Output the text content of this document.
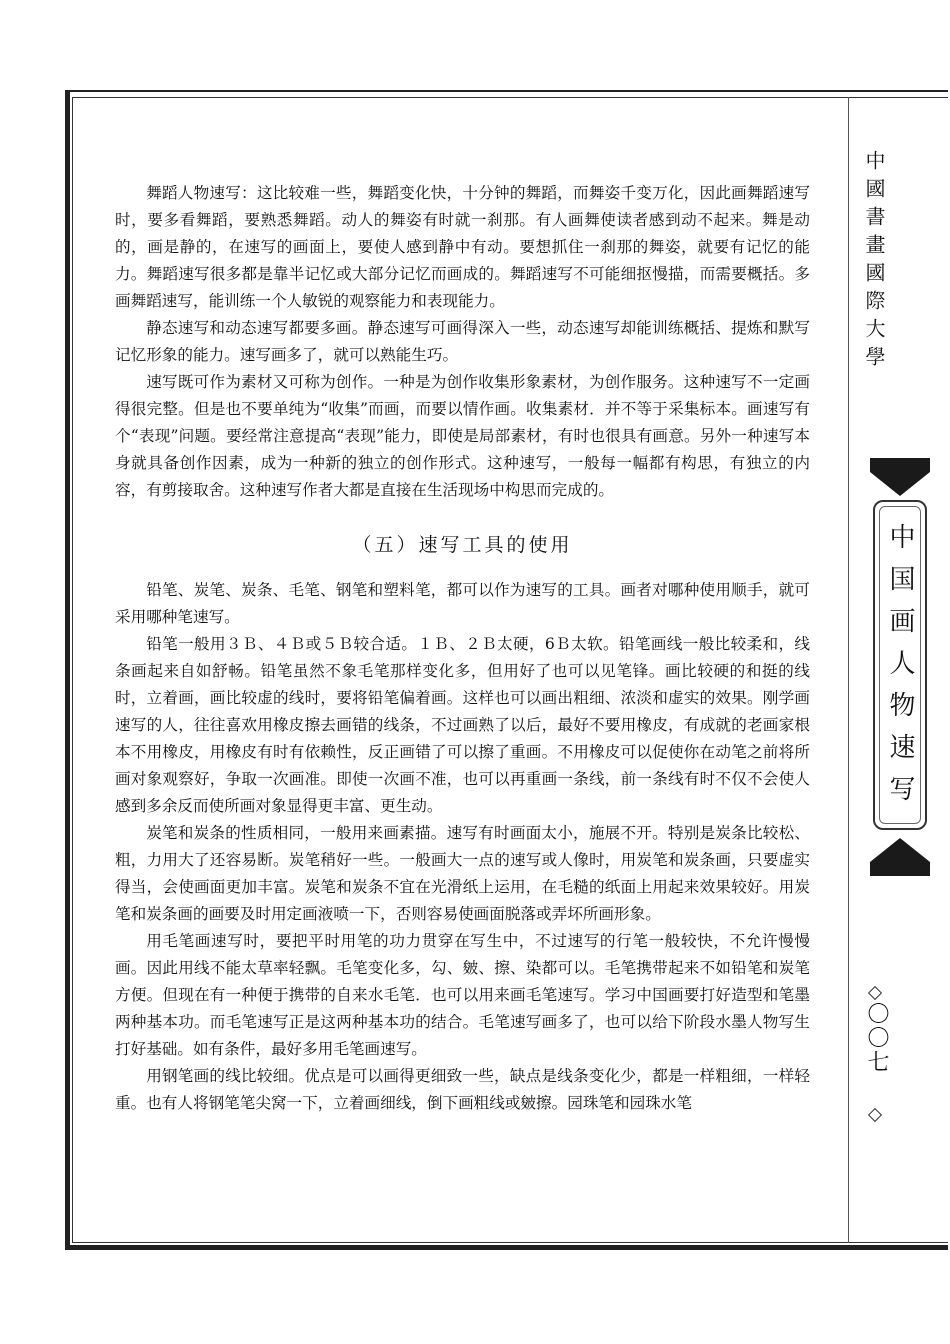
舞蹈人物速写：这比较难一些，舞蹈变化快，十分钟的舞蹈，而舞姿千变万化，因此画舞蹈速写时，要多看舞蹈，要熟悉舞蹈。动人的舞姿有时就一刹那。有人画舞使读者感到动不起来。舞是动的，画是静的，在速写的画面上，要使人感到静中有动。要想抓住一刹那的舞姿，就要有记忆的能力。舞蹈速写很多都是靠半记忆或大部分记忆而画成的。舞蹈速写不可能细抠慢描，而需要概括。多画舞蹈速写，能训练一个人敏锐的观察能力和表现能力。

静态速写和动态速写都要多画。静态速写可画得深入一些，动态速写却能训练概括、提炼和默写记忆形象的能力。速写画多了，就可以熟能生巧。

速写既可作为素材又可称为创作。一种是为创作收集形象素材，为创作服务。这种速写不一定画得很完整。但是也不要单纯为“收集”而画，而要以情作画。收集素材．并不等于采集标本。画速写有个“表现”问题。要经常注意提高“表现”能力，即使是局部素材，有时也很具有画意。另外一种速写本身就具备创作因素，成为一种新的独立的创作形式。这种速写，一般每一幅都有构思，有独立的内容，有剪接取舍。这种速写作者大都是直接在生活现场中构思而完成的。

（五）速写工具的使用

铅笔、炭笔、炭条、毛笔、钢笔和塑料笔，都可以作为速写的工具。画者对哪种使用顺手，就可采用哪种笔速写。

铅笔一般用３Ｂ、４Ｂ或５Ｂ较合适。１Ｂ、２Ｂ太硬，6Ｂ太软。铅笔画线一般比较柔和，线条画起来自如舒畅。铅笔虽然不象毛笔那样变化多，但用好了也可以见笔锋。画比较硬的和挺的线时，立着画，画比较虚的线时，要将铅笔偏着画。这样也可以画出粗细、浓淡和虚实的效果。刚学画速写的人，往往喜欢用橡皮擦去画错的线条，不过画熟了以后，最好不要用橡皮，有成就的老画家根本不用橡皮，用橡皮有时有依赖性，反正画错了可以擦了重画。不用橡皮可以促使你在动笔之前将所画对象观察好，争取一次画准。即使一次画不准，也可以再重画一条线，前一条线有时不仅不会使人感到多余反而使所画对象显得更丰富、更生动。

炭笔和炭条的性质相同，一般用来画素描。速写有时画面太小，施展不开。特别是炭条比较松、粗，力用大了还容易断。炭笔稍好一些。一般画大一点的速写或人像时，用炭笔和炭条画，只要虚实得当，会使画面更加丰富。炭笔和炭条不宜在光滑纸上运用，在毛糙的纸面上用起来效果较好。用炭笔和炭条画的画要及时用定画液喷一下，否则容易使画面脱落或弄坏所画形象。

用毛笔画速写时，要把平时用笔的功力贯穿在写生中，不过速写的行笔一般较快，不允许慢慢画。因此用线不能太草率轻飘。毛笔变化多，勾、皴、擦、染都可以。毛笔携带起来不如铅笔和炭笔方便。但现在有一种便于携带的自来水毛笔．也可以用来画毛笔速写。学习中国画要打好造型和笔墨两种基本功。而毛笔速写正是这两种基本功的结合。毛笔速写画多了，也可以给下阶段水墨人物写生打好基础。如有条件，最好多用毛笔画速写。

用钢笔画的线比较细。优点是可以画得更细致一些，缺点是线条变化少，都是一样粗细，一样轻重。也有人将钢笔笔尖窝一下，立着画细线，倒下画粗线或皴擦。园珠笔和园珠水笔

中國書畫國際大學
中国画人物速写
〇〇七
